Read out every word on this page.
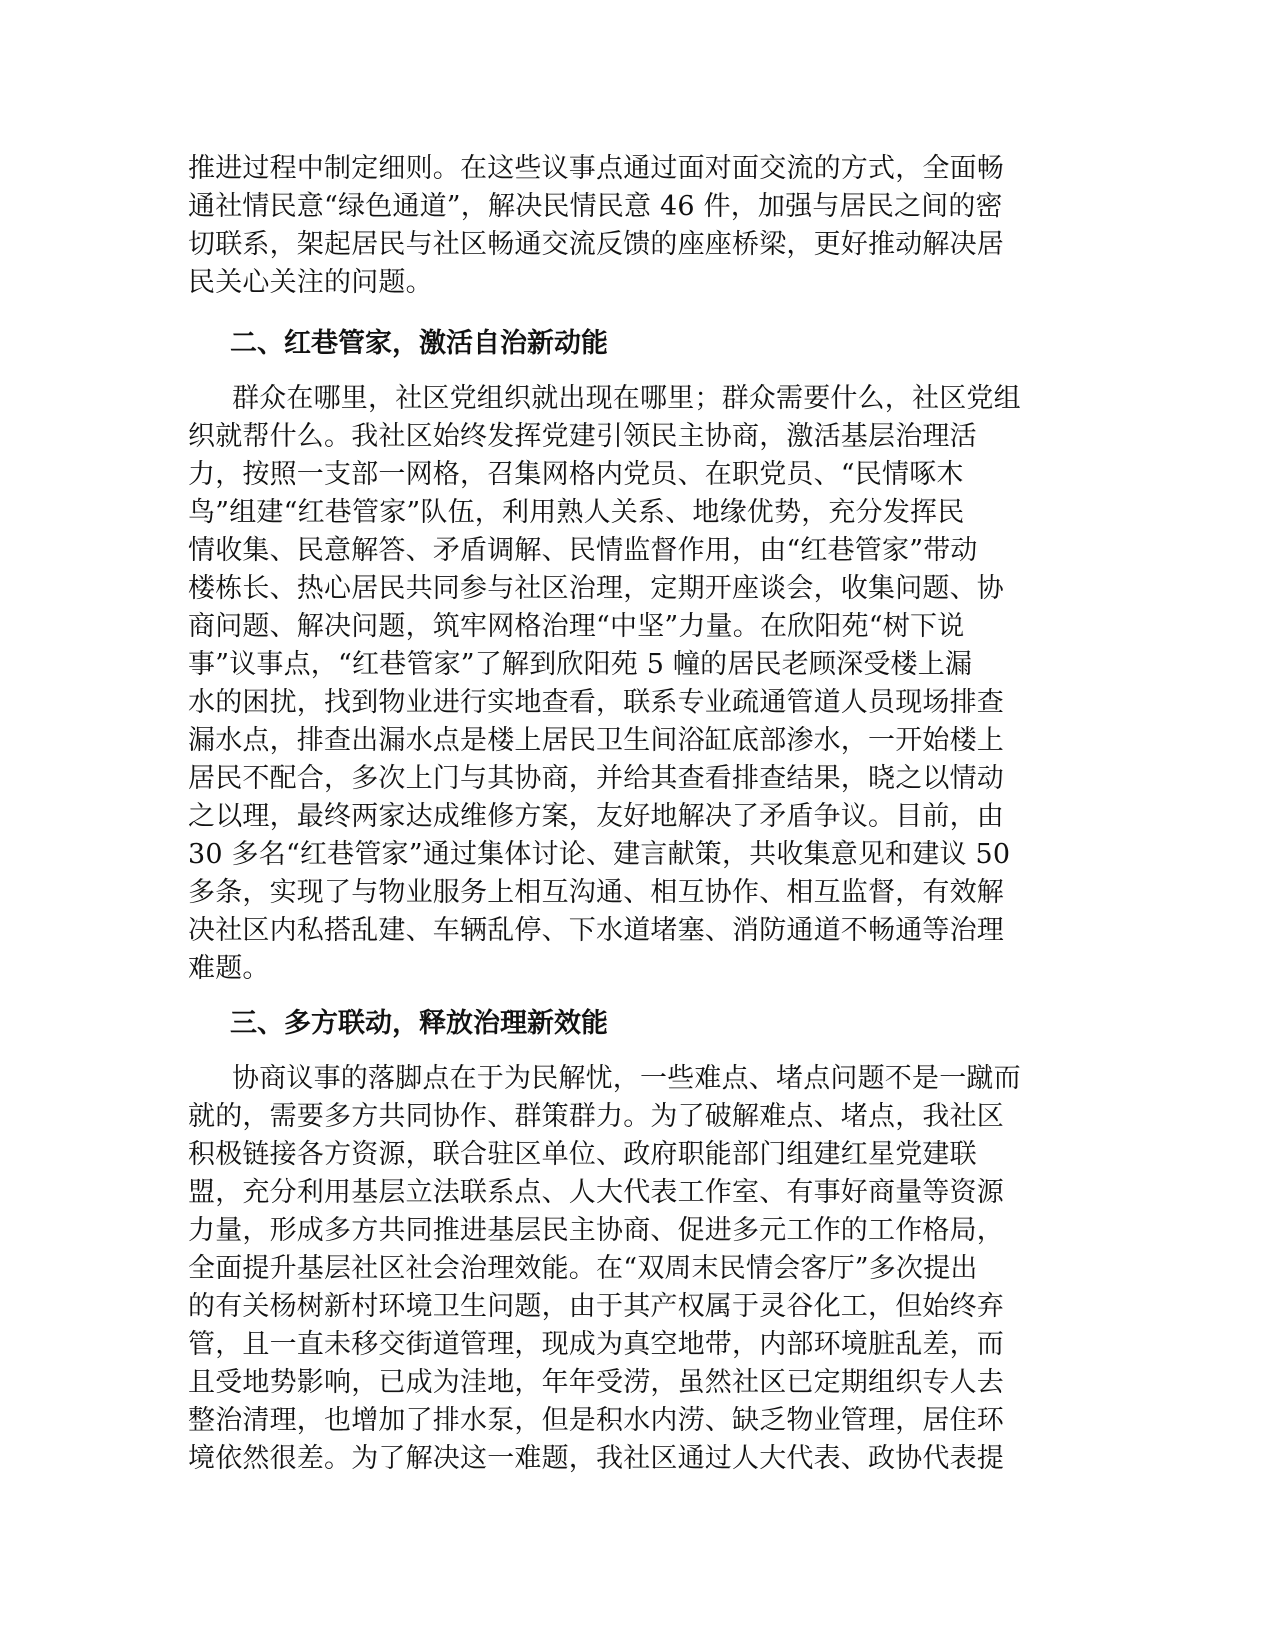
推进过程中制定细则。在这些议事点通过面对面交流的方式，全面畅
通社情民意“绿色通道”，解决民情民意 46 件，加强与居民之间的密
切联系，架起居民与社区畅通交流反馈的座座桥梁，更好推动解决居
民关心关注的问题。
二、红巷管家，激活自治新动能
群众在哪里，社区党组织就出现在哪里；群众需要什么，社区党组
织就帮什么。我社区始终发挥党建引领民主协商，激活基层治理活
力，按照一支部一网格，召集网格内党员、在职党员、“民情啄木
鸟”组建“红巷管家”队伍，利用熟人关系、地缘优势，充分发挥民
情收集、民意解答、矛盾调解、民情监督作用，由“红巷管家”带动
楼栋长、热心居民共同参与社区治理，定期开座谈会，收集问题、协
商问题、解决问题，筑牢网格治理“中坚”力量。在欣阳苑“树下说
事”议事点，“红巷管家”了解到欣阳苑 5 幢的居民老顾深受楼上漏
水的困扰，找到物业进行实地查看，联系专业疏通管道人员现场排查
漏水点，排查出漏水点是楼上居民卫生间浴缸底部渗水，一开始楼上
居民不配合，多次上门与其协商，并给其查看排查结果，晓之以情动
之以理，最终两家达成维修方案，友好地解决了矛盾争议。目前，由
30 多名“红巷管家”通过集体讨论、建言献策，共收集意见和建议 50
多条，实现了与物业服务上相互沟通、相互协作、相互监督，有效解
决社区内私搭乱建、车辆乱停、下水道堵塞、消防通道不畅通等治理
难题。
三、多方联动，释放治理新效能
协商议事的落脚点在于为民解忧，一些难点、堵点问题不是一蹴而
就的，需要多方共同协作、群策群力。为了破解难点、堵点，我社区
积极链接各方资源，联合驻区单位、政府职能部门组建红星党建联
盟，充分利用基层立法联系点、人大代表工作室、有事好商量等资源
力量，形成多方共同推进基层民主协商、促进多元工作的工作格局，
全面提升基层社区社会治理效能。在“双周末民情会客厅”多次提出
的有关杨树新村环境卫生问题，由于其产权属于灵谷化工，但始终弃
管，且一直未移交街道管理，现成为真空地带，内部环境脏乱差，而
且受地势影响，已成为洼地，年年受涝，虽然社区已定期组织专人去
整治清理，也增加了排水泵，但是积水内涝、缺乏物业管理，居住环
境依然很差。为了解决这一难题，我社区通过人大代表、政协代表提
